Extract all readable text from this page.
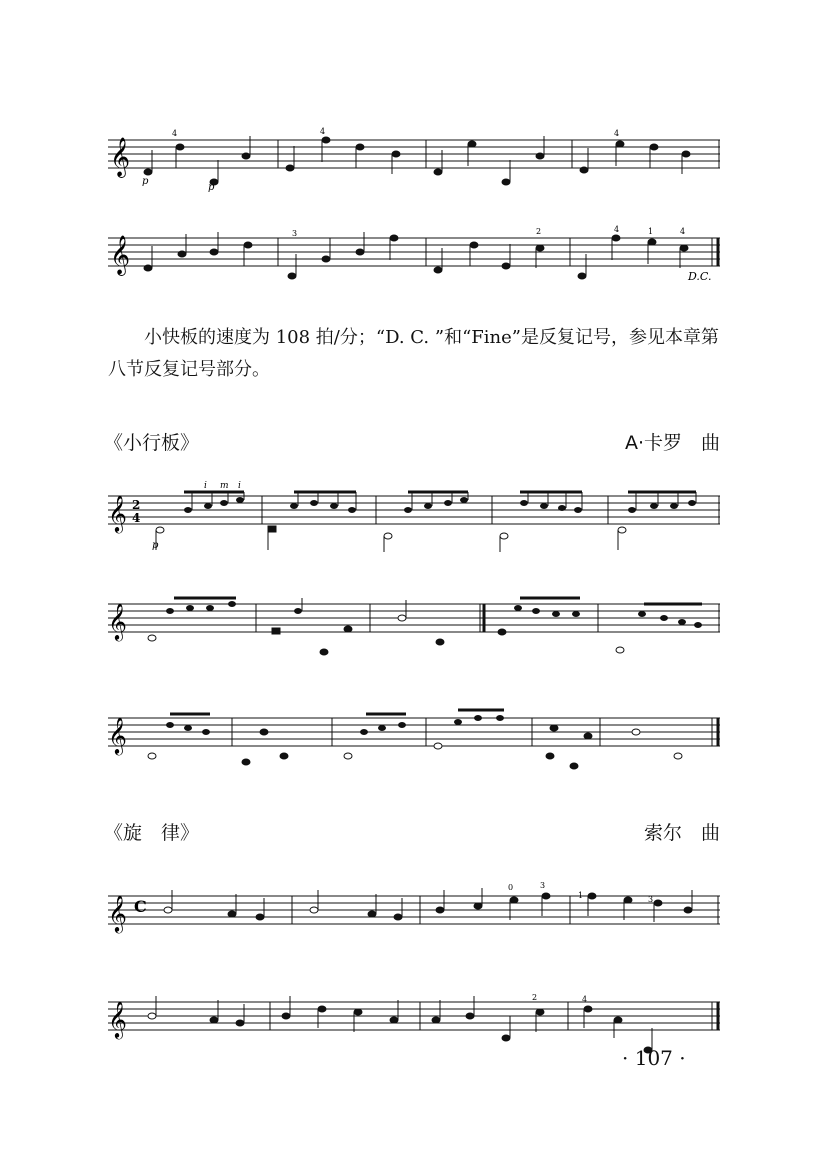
𝄞
p
p
4	4	4
𝄞
3	2	4	1	4
D.C.
小快板的速度为 108 拍/分；“D. C. ”和“Fine”是反复记号，参见本章第八节反复记号部分。
《小行板》	A·卡罗　曲
𝄞 2
4
i m i
p
𝄞
𝄞
《旋　律》	索尔　曲
𝄞 C
0	3
1	3
𝄞
4
2
· 107 ·
